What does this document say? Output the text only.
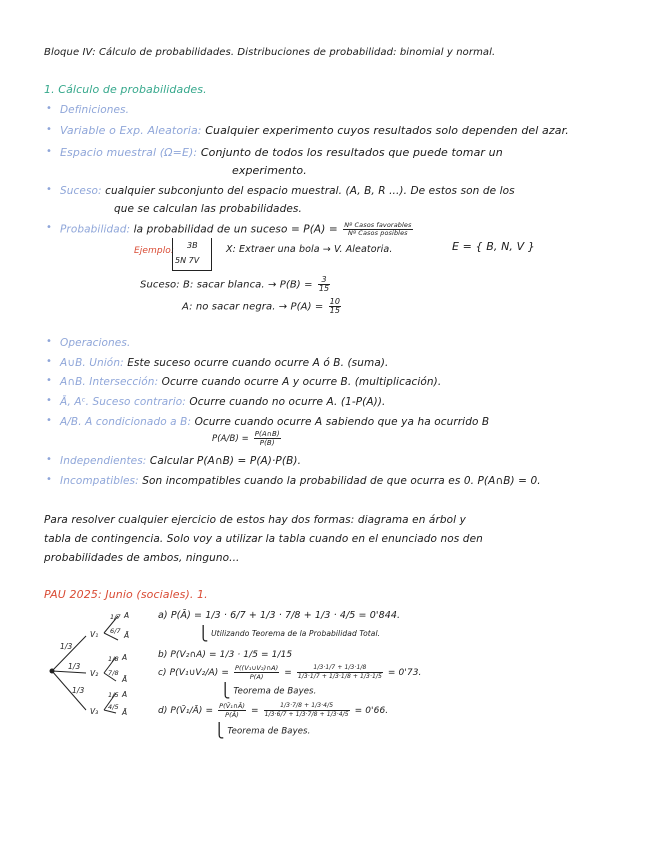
Bloque IV: Cálculo de probabilidades. Distribuciones de probabilidad: binomial y normal.
1. Cálculo de probabilidades.
• Definiciones.
• Variable o Exp. Aleatoria: Cualquier experimento cuyos resultados solo dependen del azar.
• Espacio muestral (Ω=E): Conjunto de todos los resultados que puede tomar un
experimento.
• Suceso: cualquier subconjunto del espacio muestral. (A, B, R ...). De estos son de los
que se calculan las probabilidades.
• Probabilidad: la probabilidad de un suceso = $P(A) = \frac{\text{Nº Casos favorables}}{\text{Nº Casos posibles}}$
Ejemplo:
3B
5N 7V
X: Extraer una bola → V. Aleatoria.	E = { B, N, V }
Suceso: B: sacar blanca. → $P(B) = \frac{3}{15}$
A: no sacar negra. → $P(A) = \frac{10}{15}$
• Operaciones.
• A∪B. Unión: Este suceso ocurre cuando ocurre A ó B. (suma).
• A∩B. Intersección: Ocurre cuando ocurre A y ocurre B. (multiplicación).
• Ā, Aᶜ. Suceso contrario: Ocurre cuando no ocurre A. (1-P(A)).
• A/B. A condicionado a B: Ocurre cuando ocurre A sabiendo que ya ha ocurrido B
$P(A/B) = \frac{P(A\cap B)}{P(B)}$
• Independientes: Calcular P(A∩B) = P(A)·P(B).
• Incompatibles: Son incompatibles cuando la probabilidad de que ocurra es 0. P(A∩B) = 0.
Para resolver cualquier ejercicio de estos hay dos formas: diagrama en árbol y
tabla de contingencia. Solo voy a utilizar la tabla cuando en el enunciado nos den
probabilidades de ambos, ninguno...
PAU 2025: Junio (sociales). 1.
1/3
1/3
1/3
V₁
V₂
V₃
1/7
6/7
A
Ā
1/8
7/8
A
Ā
1/5
4/5
A
Ā
a) P(Ā) = 1/3 · 6/7 + 1/3 · 7/8 + 1/3 · 4/5 = 0'844.
⎩ Utilizando Teorema de la Probabilidad Total.
b) P(V₂∩A) = 1/3 · 1/5 = 1/15
c) P(V₁∪V₂/A) = $\frac{\text{P((V₁∪V₂)∩A)}}{P(A)} = \frac{1/3\cdot 1/7 + 1/3\cdot 1/8}{1/3\cdot 1/7 + 1/3\cdot 1/8 + 1/3\cdot 1/5} = 0'73$.
⎩ Teorema de Bayes.
d) P(V̄₁/Ā) = $\frac{\text{P(V̄₁∩Ā)}}{P(Ā)} = \frac{1/3\cdot 7/8 + 1/3\cdot 4/5}{1/3\cdot 6/7 + 1/3\cdot 7/8 + 1/3\cdot 4/5} = 0'66$.
⎩ Teorema de Bayes.
